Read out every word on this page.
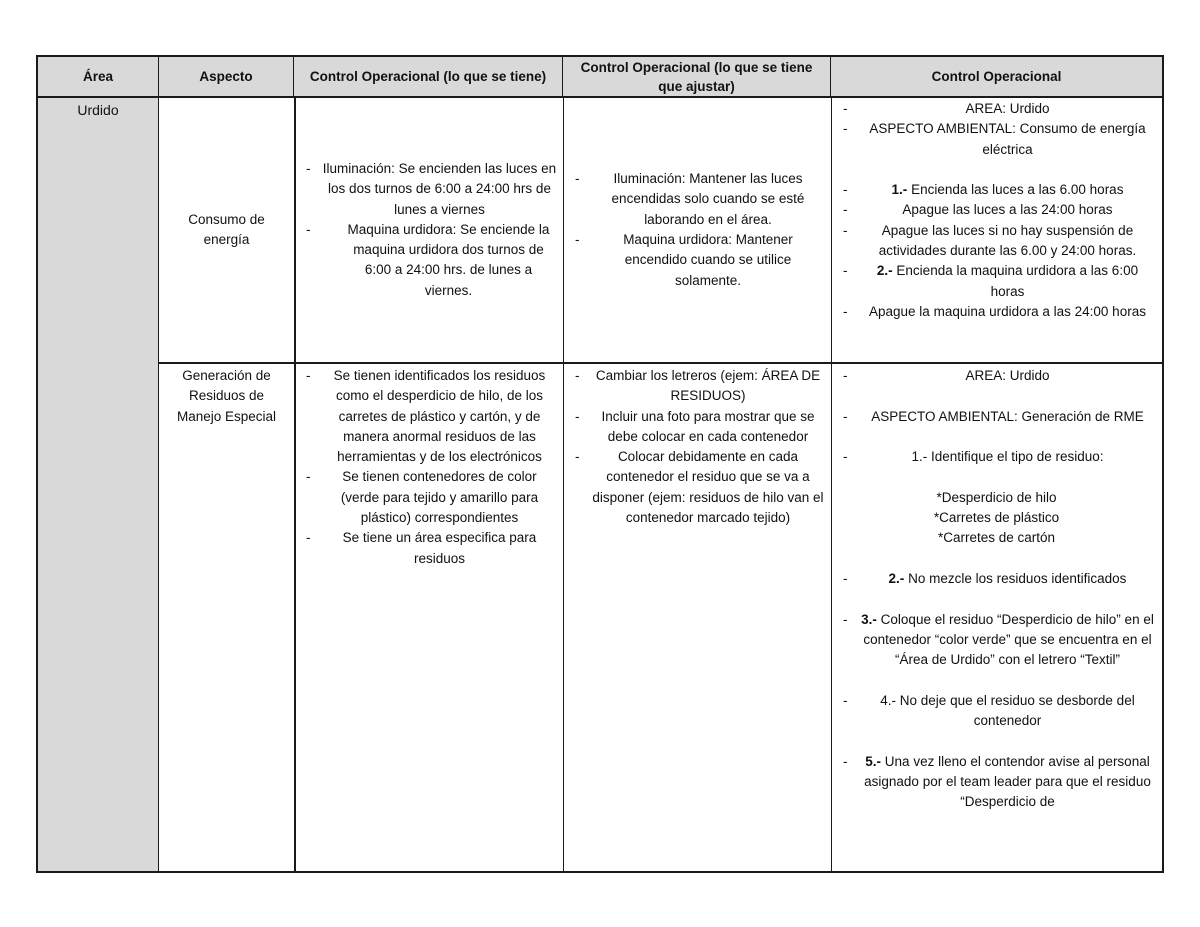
Área	Aspecto	Control Operacional (lo que se tiene)
Control Operacional (lo que se tiene que ajustar)
Control Operacional
Urdido
Consumo de energía
- Iluminación: Se encienden las luces en los dos turnos de 6:00 a 24:00 hrs de lunes a viernes
- Maquina urdidora: Se enciende la maquina urdidora dos turnos de 6:00 a 24:00 hrs. de lunes a viernes.
- Iluminación: Mantener las luces encendidas solo cuando se esté laborando en el área.
- Maquina urdidora: Mantener encendido cuando se utilice solamente.
- AREA: Urdido
- ASPECTO AMBIENTAL: Consumo de energía eléctrica
- 1.- Encienda las luces a las 6.00 horas
- Apague las luces a las 24:00 horas
- Apague las luces si no hay suspensión de actividades durante las 6.00 y 24:00 horas.
- 2.- Encienda la maquina urdidora a las 6:00 horas
- Apague la maquina urdidora a las 24:00 horas
Generación de Residuos de Manejo Especial
- Se tienen identificados los residuos como el desperdicio de hilo, de los carretes de plástico y cartón, y de manera anormal residuos de las herramientas y de los electrónicos
- Se tienen contenedores de color (verde para tejido y amarillo para plástico) correspondientes
- Se tiene un área especifica para residuos
- Cambiar los letreros (ejem: ÁREA DE RESIDUOS)
- Incluir una foto para mostrar que se debe colocar en cada contenedor
- Colocar debidamente en cada contenedor el residuo que se va a disponer (ejem: residuos de hilo van el contenedor marcado tejido)
- AREA: Urdido
- ASPECTO AMBIENTAL: Generación de RME
- 1.- Identifique el tipo de residuo:
*Desperdicio de hilo
*Carretes de plástico
*Carretes de cartón
- 2.- No mezcle los residuos identificados
- 3.- Coloque el residuo “Desperdicio de hilo” en el contenedor “color verde” que se encuentra en el “Área de Urdido” con el letrero “Textil”
- 4.- No deje que el residuo se desborde del contenedor
- 5.- Una vez lleno el contendor avise al personal asignado por el team leader para que el residuo “Desperdicio de
